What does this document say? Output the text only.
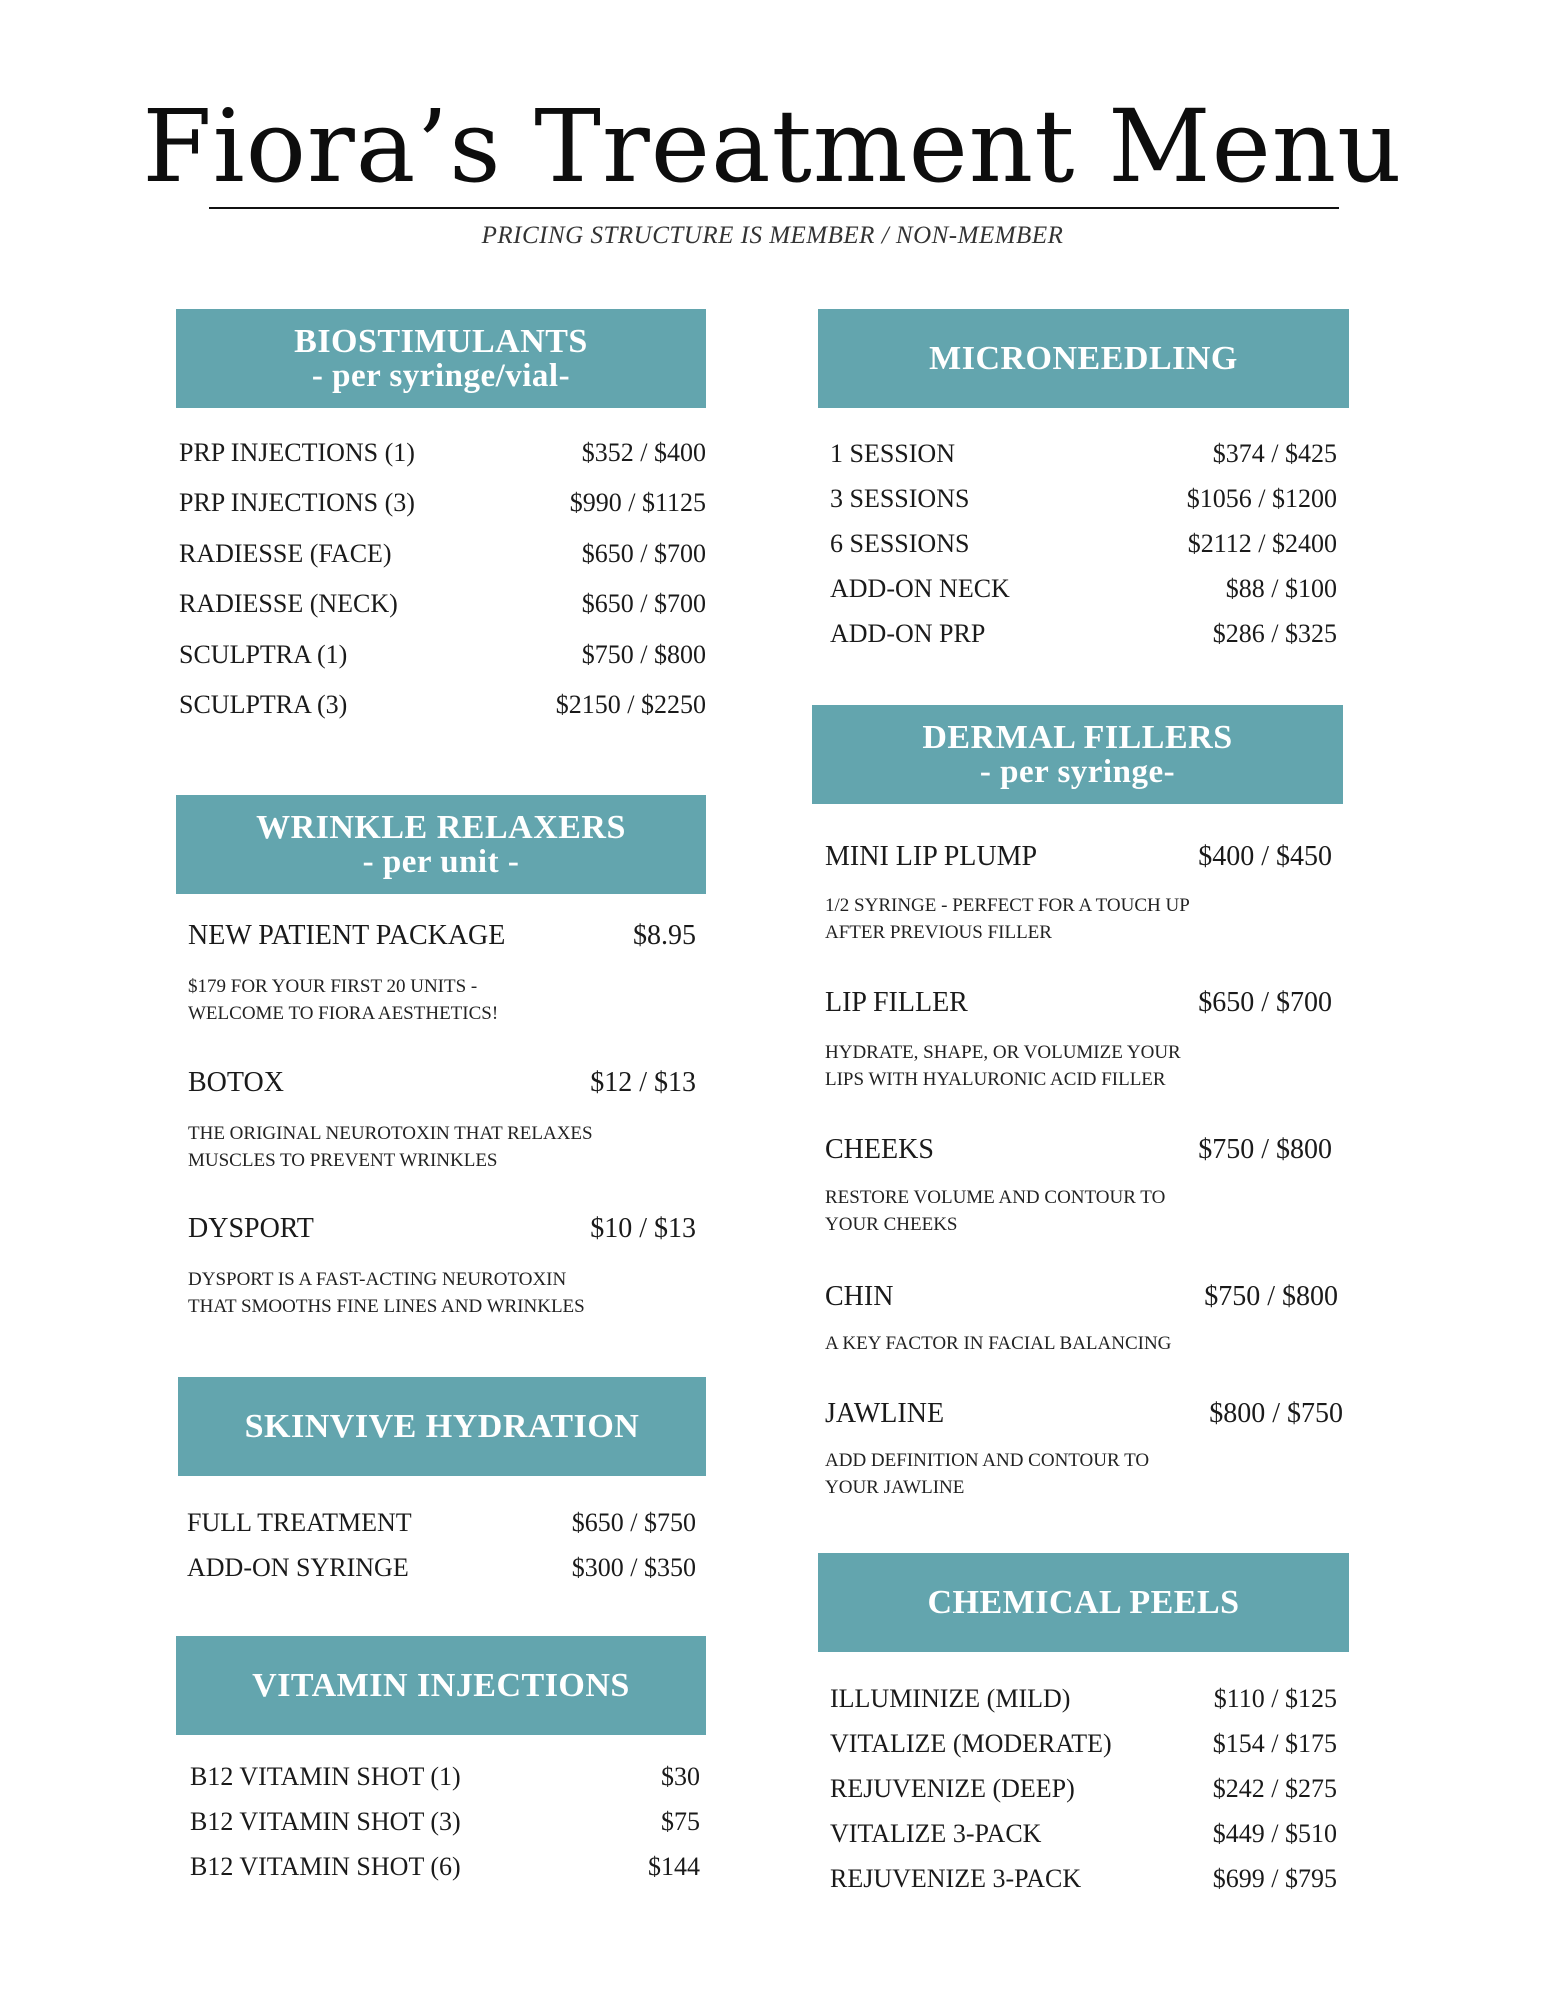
Fiora’s Treatment Menu
PRICING STRUCTURE IS MEMBER / NON-MEMBER
BIOSTIMULANTS
- per syringe/vial-
PRP INJECTIONS (1)	$352 / $400
PRP INJECTIONS (3)	$990 / $1125
RADIESSE (FACE)	$650 / $700
RADIESSE (NECK)	$650 / $700
SCULPTRA (1)	$750 / $800
SCULPTRA (3)	$2150 / $2250
WRINKLE RELAXERS
- per unit -
NEW PATIENT PACKAGE	$8.95
$179 FOR YOUR FIRST 20 UNITS -
WELCOME TO FIORA AESTHETICS!
BOTOX	$12 / $13
THE ORIGINAL NEUROTOXIN THAT RELAXES
MUSCLES TO PREVENT WRINKLES
DYSPORT	$10 / $13
DYSPORT IS A FAST-ACTING NEUROTOXIN
THAT SMOOTHS FINE LINES AND WRINKLES
SKINVIVE HYDRATION
FULL TREATMENT	$650 / $750
ADD-ON SYRINGE	$300 / $350
VITAMIN INJECTIONS
B12 VITAMIN SHOT (1)	$30
B12 VITAMIN SHOT (3)	$75
B12 VITAMIN SHOT (6)	$144
MICRONEEDLING
1 SESSION	$374 / $425
3 SESSIONS	$1056 / $1200
6 SESSIONS	$2112 / $2400
ADD-ON NECK	$88 / $100
ADD-ON PRP	$286 / $325
DERMAL FILLERS
- per syringe-
MINI LIP PLUMP	$400 / $450
1/2 SYRINGE - PERFECT FOR A TOUCH UP
AFTER PREVIOUS FILLER
LIP FILLER	$650 / $700
HYDRATE, SHAPE, OR VOLUMIZE YOUR
LIPS WITH HYALURONIC ACID FILLER
CHEEKS	$750 / $800
RESTORE VOLUME AND CONTOUR TO
YOUR CHEEKS
CHIN	$750 / $800
A KEY FACTOR IN FACIAL BALANCING
JAWLINE	$800 / $750
ADD DEFINITION AND CONTOUR TO
YOUR JAWLINE
CHEMICAL PEELS
ILLUMINIZE (MILD)	$110 / $125
VITALIZE (MODERATE)	$154 / $175
REJUVENIZE (DEEP)	$242 / $275
VITALIZE 3-PACK	$449 / $510
REJUVENIZE 3-PACK	$699 / $795
